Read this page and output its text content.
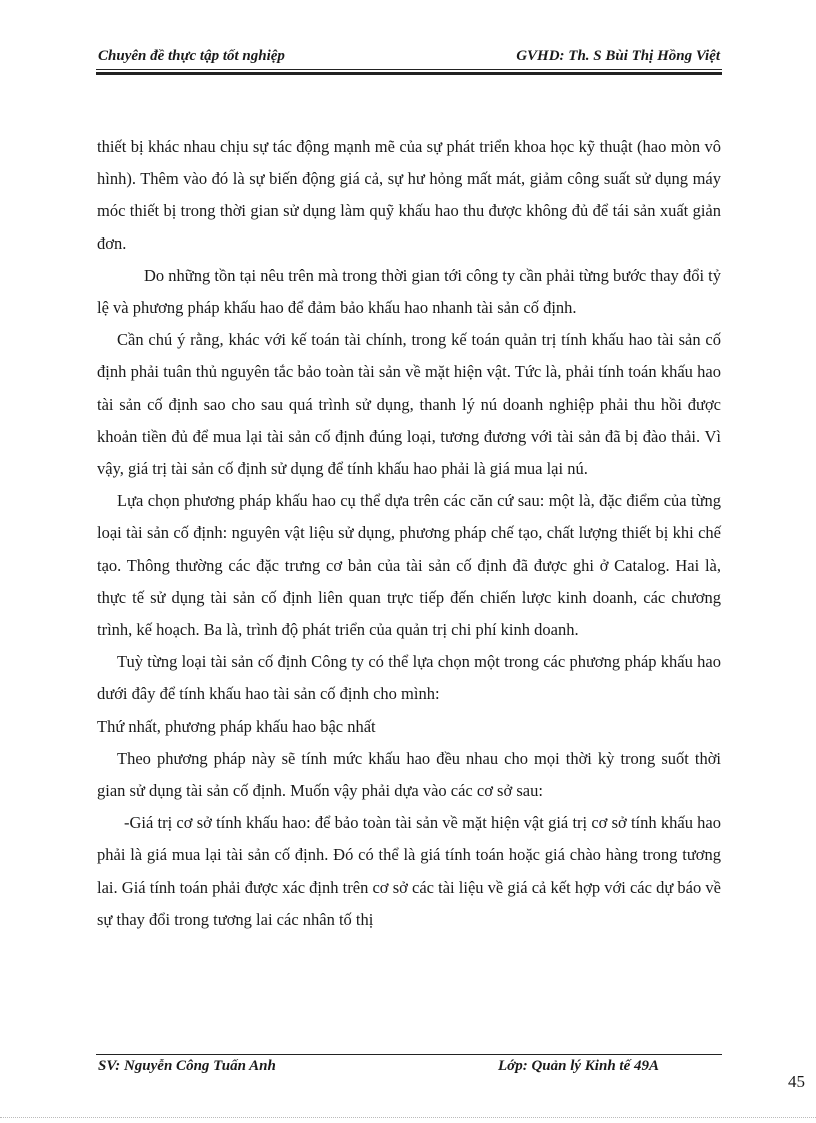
Chuyên đề thực tập tốt nghiệp	GVHD: Th. S Bùi Thị Hồng Việt

thiết bị khác nhau chịu sự tác động mạnh mẽ của sự phát triển khoa học kỹ thuật (hao mòn vô hình). Thêm vào đó là sự biến động giá cả, sự hư hỏng mất mát, giảm công suất sử dụng máy móc thiết bị trong thời gian sử dụng làm quỹ khấu hao thu được không đủ để tái sản xuất giản đơn.

Do những tồn tại nêu trên mà trong thời gian tới công ty cần phải từng bước thay đổi tỷ lệ và phương pháp khấu hao để đảm bảo khấu hao nhanh tài sản cố định.

Cần chú ý rằng, khác với kế toán tài chính, trong kế toán quản trị tính khấu hao tài sản cố định phải tuân thủ nguyên tắc bảo toàn tài sản về mặt hiện vật. Tức là, phải tính toán khấu hao tài sản cố định sao cho sau quá trình sử dụng, thanh lý nú doanh nghiệp phải thu hồi được khoản tiền đủ để mua lại tài sản cố định đúng loại, tương đương với tài sản đã bị đào thải. Vì vậy, giá trị tài sản cố định sử dụng để tính khấu hao phải là giá mua lại nú.

Lựa chọn phương pháp khấu hao cụ thể dựa trên các căn cứ sau: một là, đặc điểm của từng loại tài sản cố định: nguyên vật liệu sử dụng, phương pháp chế tạo, chất lượng thiết bị khi chế tạo. Thông thường các đặc trưng cơ bản của tài sản cố định đã được ghi ở Catalog. Hai là, thực tế sử dụng tài sản cố định liên quan trực tiếp đến chiến lược kinh doanh, các chương trình, kế hoạch. Ba là, trình độ phát triển của quản trị chi phí kinh doanh.

Tuỳ từng loại tài sản cố định Công ty có thể lựa chọn một trong các phương pháp khấu hao dưới đây để tính khấu hao tài sản cố định cho mình:

Thứ nhất, phương pháp khấu hao bậc nhất

Theo phương pháp này sẽ tính mức khấu hao đều nhau cho mọi thời kỳ trong suốt thời gian sử dụng tài sản cố định. Muốn vậy phải dựa vào các cơ sở sau:

-Giá trị cơ sở tính khấu hao: để bảo toàn tài sản về mặt hiện vật giá trị cơ sở tính khấu hao phải là giá mua lại tài sản cố định. Đó có thể là giá tính toán hoặc giá chào hàng trong tương lai. Giá tính toán phải được xác định trên cơ sở các tài liệu về giá cả kết hợp với các dự báo về sự thay đổi trong tương lai các nhân tố thị

SV: Nguyễn Công Tuấn Anh	Lớp: Quản lý Kinh tế 49A
45
